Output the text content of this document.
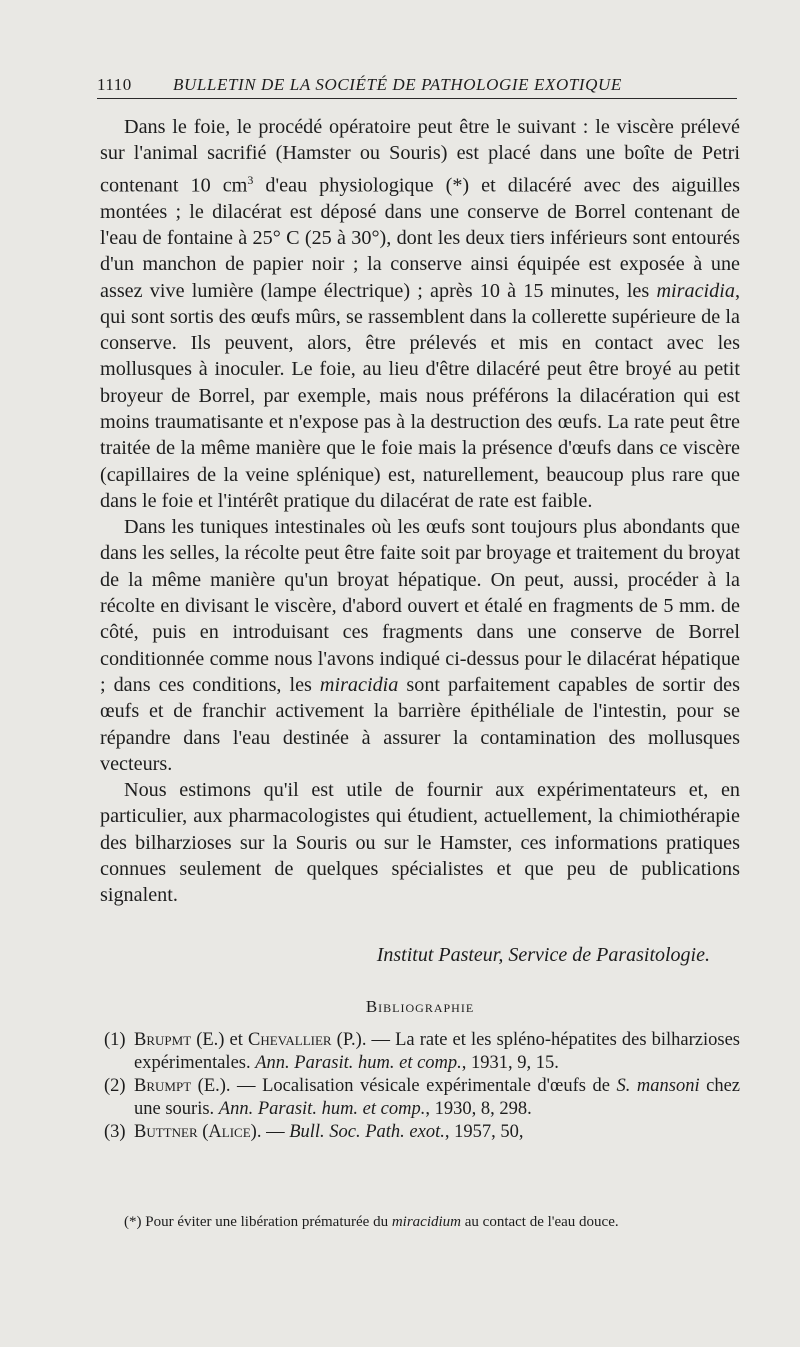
1110 BULLETIN DE LA SOCIÉTÉ DE PATHOLOGIE EXOTIQUE

Dans le foie, le procédé opératoire peut être le suivant : le viscère prélevé sur l'animal sacrifié (Hamster ou Souris) est placé dans une boîte de Petri contenant 10 $cm^3$ d'eau physiologique (*) et dilacéré avec des aiguilles montées ; le dilacérat est déposé dans une conserve de Borrel contenant de l'eau de fontaine à 25° C (25 à 30°), dont les deux tiers inférieurs sont entourés d'un manchon de papier noir ; la conserve ainsi équipée est exposée à une assez vive lumière (lampe électrique) ; après 10 à 15 minutes, les miracidia, qui sont sortis des œufs mûrs, se rassemblent dans la collerette supérieure de la conserve. Ils peuvent, alors, être prélevés et mis en contact avec les mollusques à inoculer. Le foie, au lieu d'être dilacéré peut être broyé au petit broyeur de Borrel, par exemple, mais nous préférons la dilacération qui est moins traumatisante et n'expose pas à la destruction des œufs. La rate peut être traitée de la même manière que le foie mais la présence d'œufs dans ce viscère (capillaires de la veine splénique) est, naturellement, beaucoup plus rare que dans le foie et l'intérêt pratique du dilacérat de rate est faible.

Dans les tuniques intestinales où les œufs sont toujours plus abondants que dans les selles, la récolte peut être faite soit par broyage et traitement du broyat de la même manière qu'un broyat hépatique. On peut, aussi, procéder à la récolte en divisant le viscère, d'abord ouvert et étalé en fragments de 5 mm. de côté, puis en introduisant ces fragments dans une conserve de Borrel conditionnée comme nous l'avons indiqué ci-dessus pour le dilacérat hépatique ; dans ces conditions, les miracidia sont parfaitement capables de sortir des œufs et de franchir activement la barrière épithéliale de l'intestin, pour se répandre dans l'eau destinée à assurer la contamination des mollusques vecteurs.

Nous estimons qu'il est utile de fournir aux expérimentateurs et, en particulier, aux pharmacologistes qui étudient, actuellement, la chimiothérapie des bilharzioses sur la Souris ou sur le Hamster, ces informations pratiques connues seulement de quelques spécialistes et que peu de publications signalent.

Institut Pasteur, Service de Parasitologie.
Bibliographie
(1) Brupmt (E.) et Chevallier (P.). — La rate et les spléno-hépatites des bilharzioses expérimentales. Ann. Parasit. hum. et comp., 1931, 9, 15.
(2) Brumpt (E.). — Localisation vésicale expérimentale d'œufs de S. mansoni chez une souris. Ann. Parasit. hum. et comp., 1930, 8, 298.
(3) Buttner (Alice). — Bull. Soc. Path. exot., 1957, 50,
(*) Pour éviter une libération prématurée du miracidium au contact de l'eau douce.
